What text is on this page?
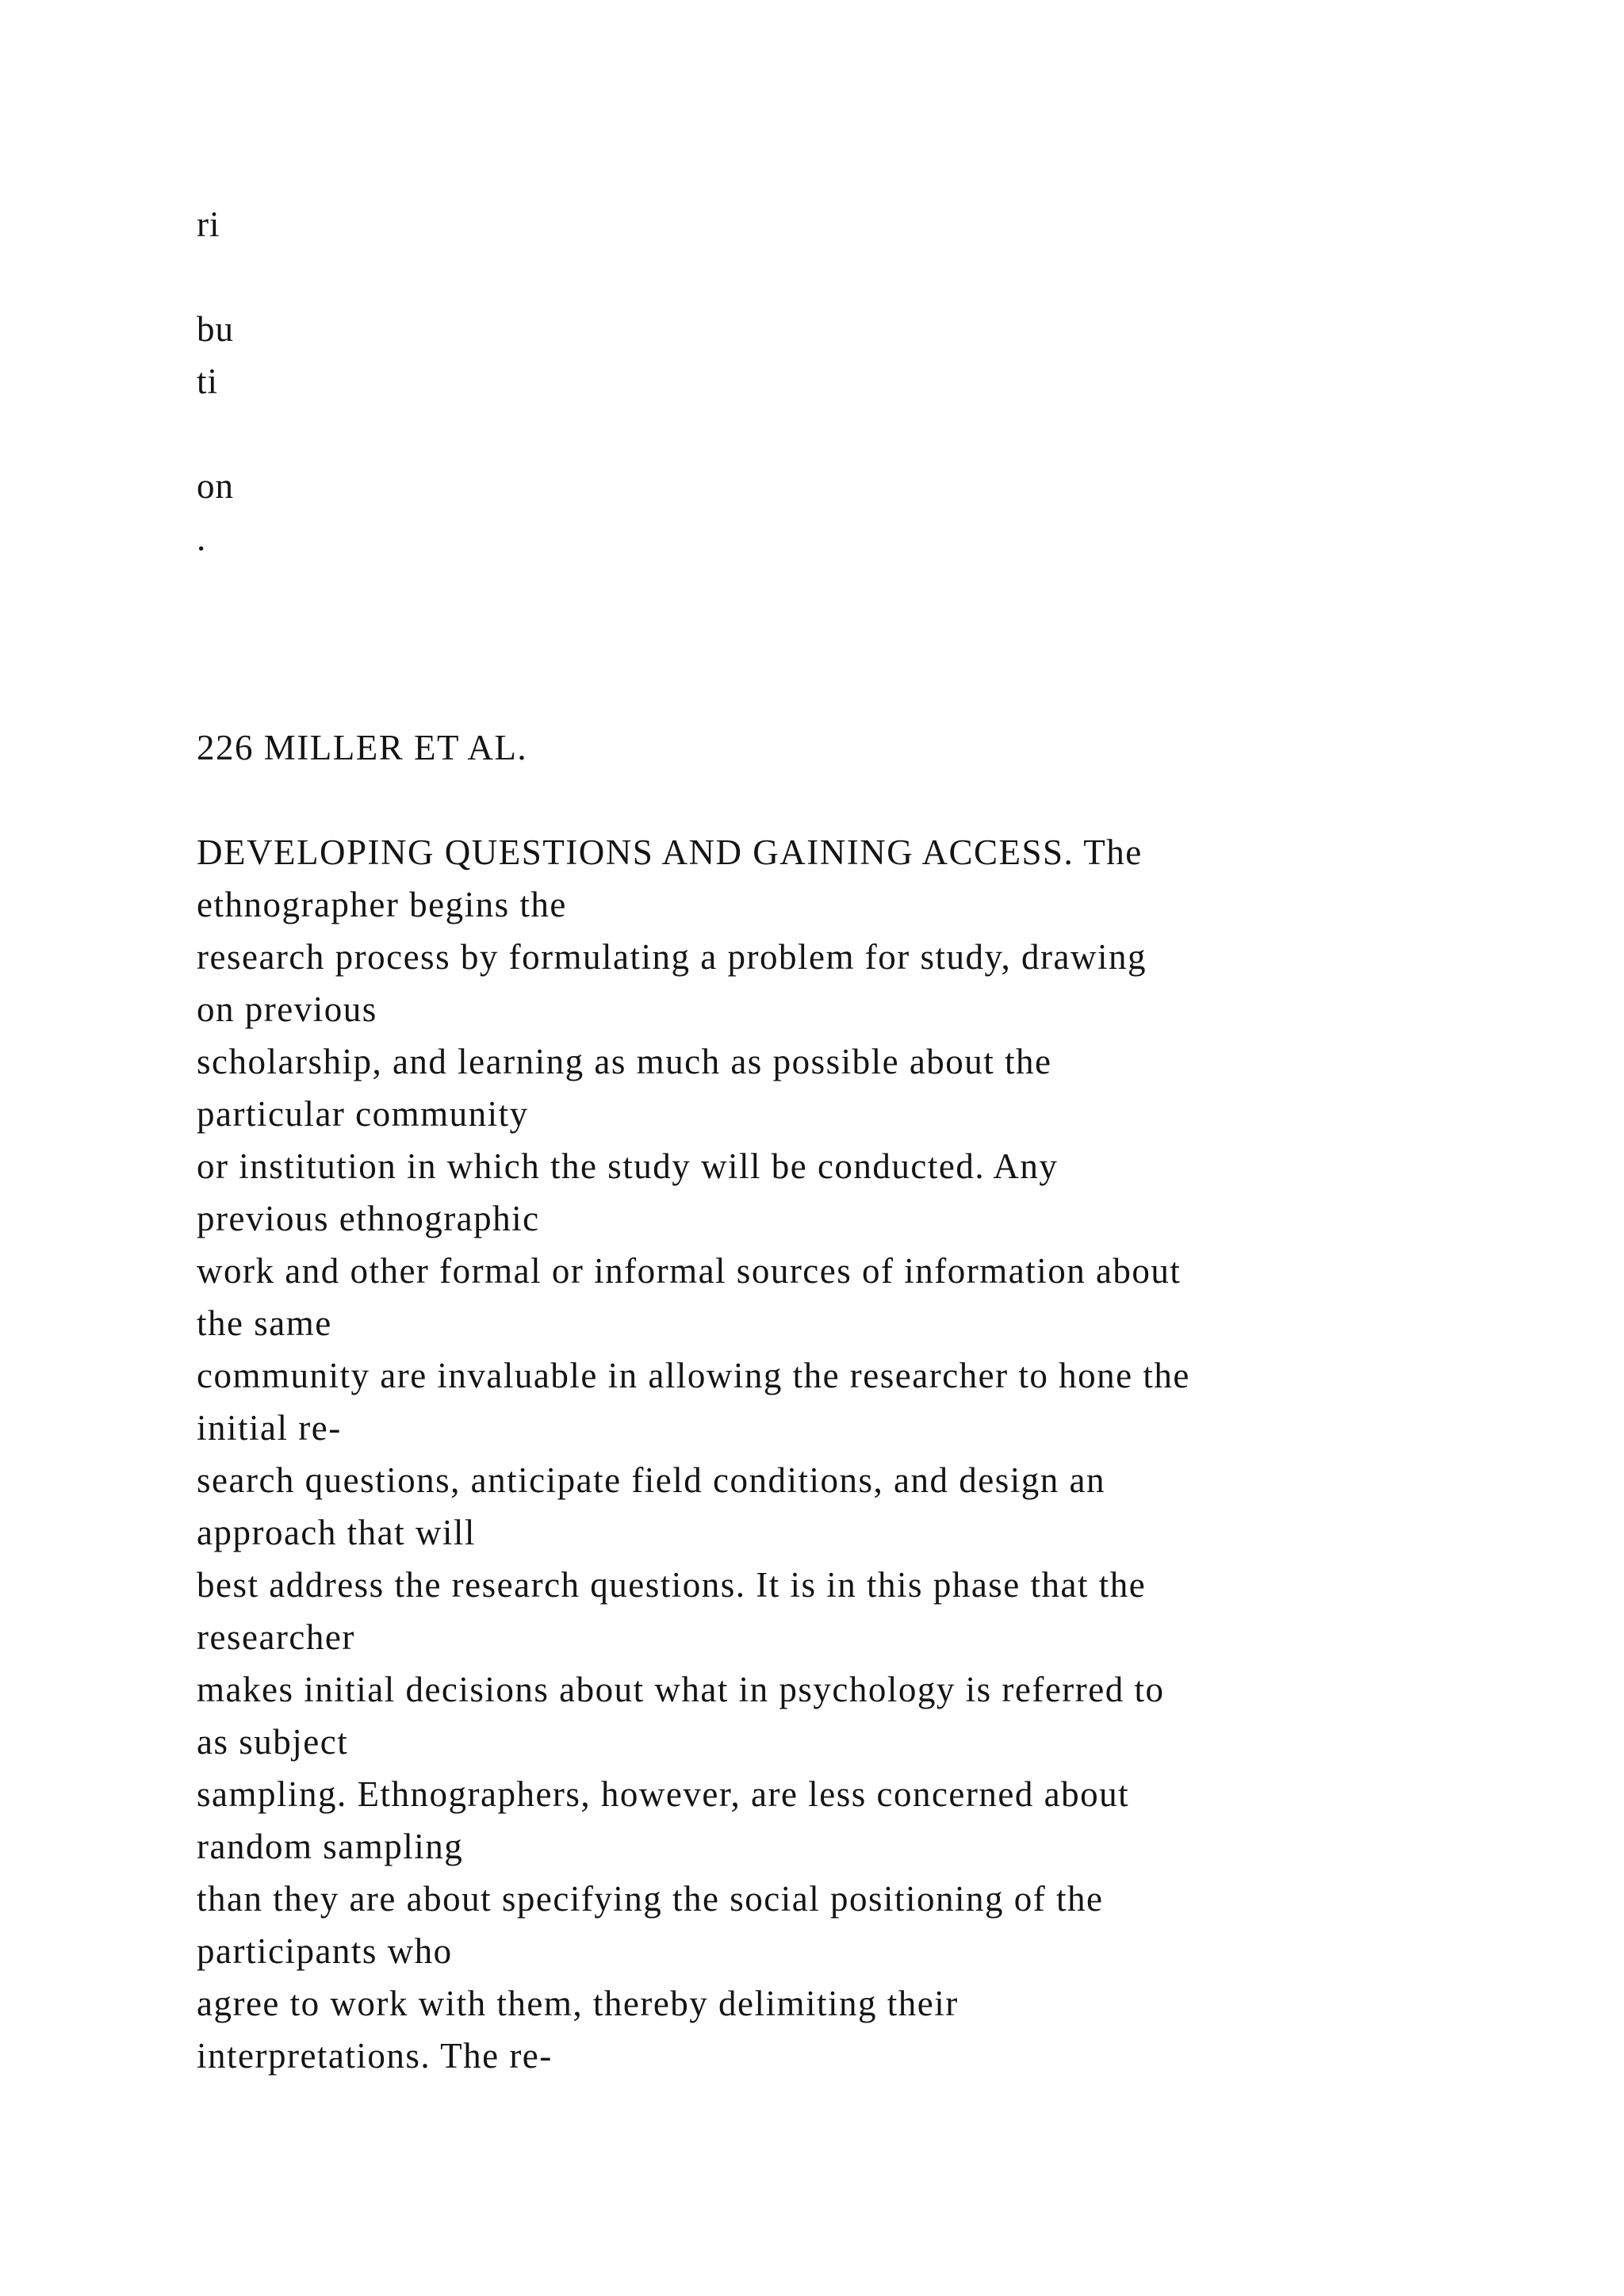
ri
bu
ti
on
.
226 MILLER ET AL.
DEVELOPING QUESTIONS AND GAINING ACCESS. The
ethnographer begins the
research process by formulating a problem for study, drawing
on previous
scholarship, and learning as much as possible about the
particular community
or institution in which the study will be conducted. Any
previous ethnographic
work and other formal or informal sources of information about
the same
community are invaluable in allowing the researcher to hone the
initial re-
search questions, anticipate field conditions, and design an
approach that will
best address the research questions. It is in this phase that the
researcher
makes initial decisions about what in psychology is referred to
as subject
sampling. Ethnographers, however, are less concerned about
random sampling
than they are about specifying the social positioning of the
participants who
agree to work with them, thereby delimiting their
interpretations. The re-
